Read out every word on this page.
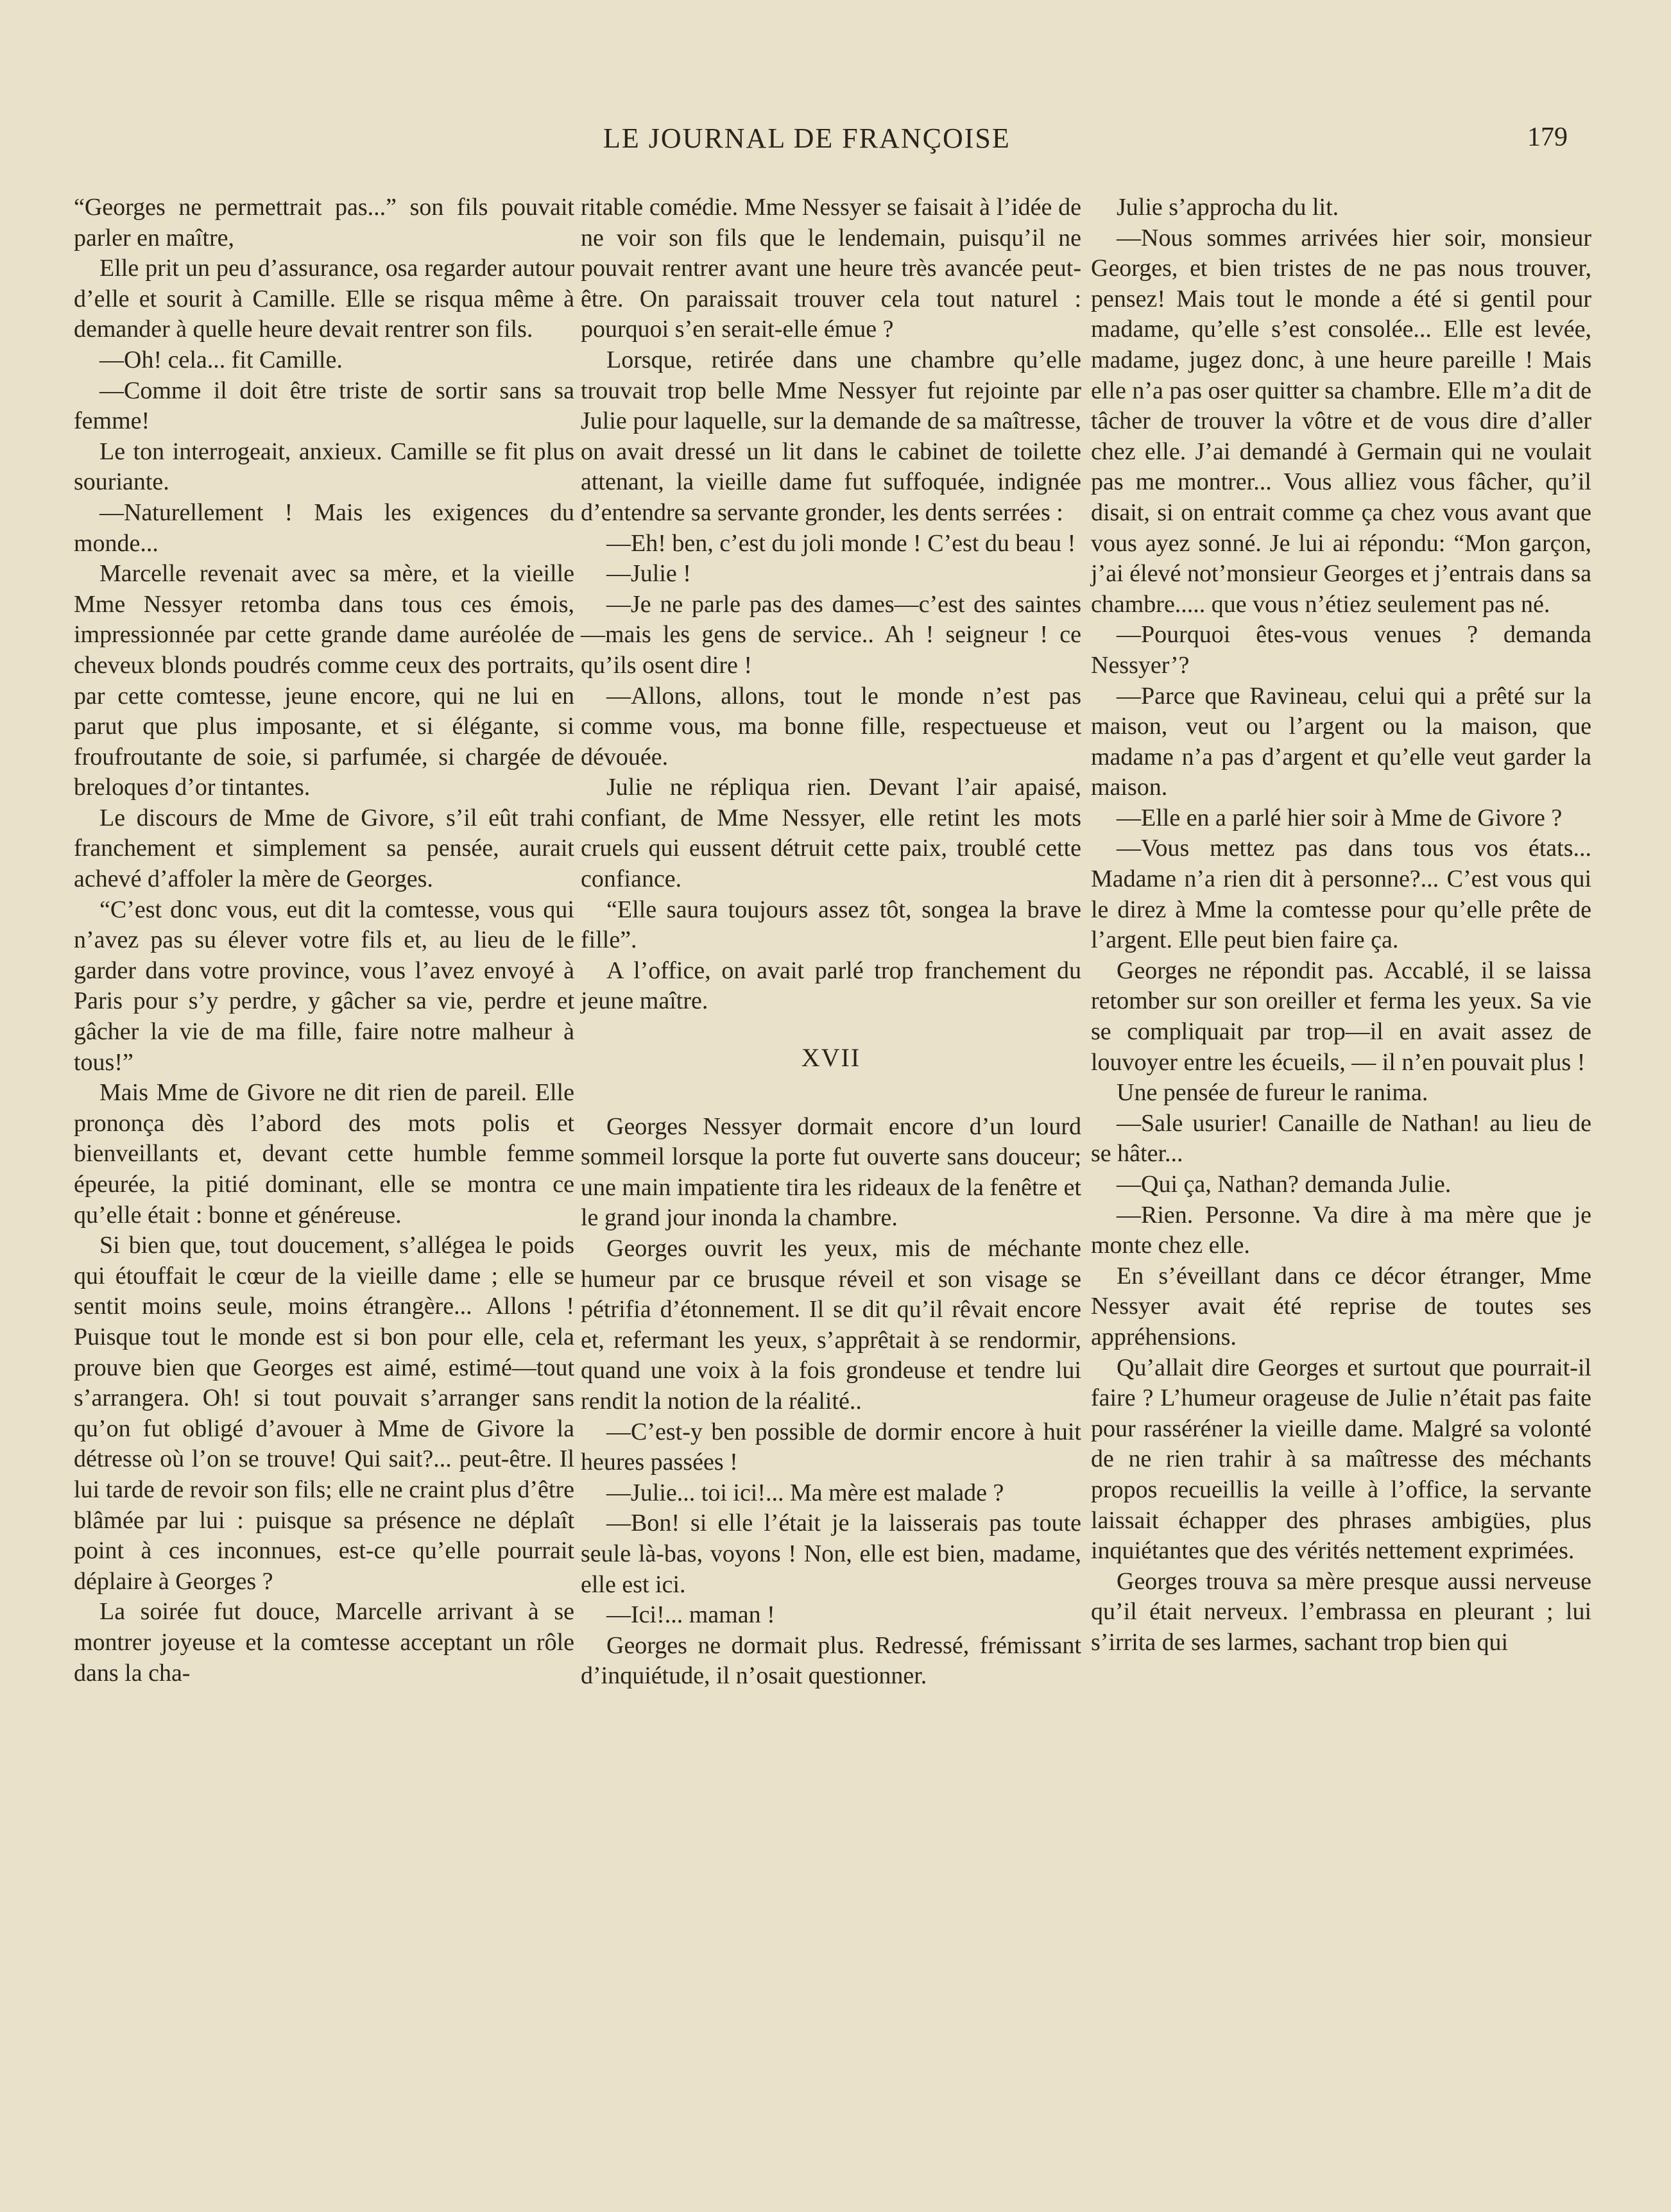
LE JOURNAL DE FRANÇOISE	179

“Georges ne permettrait pas...” son fils pouvait parler en maître,

Elle prit un peu d’assurance, osa regarder autour d’elle et sourit à Camille. Elle se risqua même à demander à quelle heure devait rentrer son fils.

—Oh! cela... fit Camille.

—Comme il doit être triste de sortir sans sa femme!

Le ton interrogeait, anxieux. Camille se fit plus souriante.

—Naturellement ! Mais les exigences du monde...

Marcelle revenait avec sa mère, et la vieille Mme Nessyer retomba dans tous ces émois, impressionnée par cette grande dame auréolée de cheveux blonds poudrés comme ceux des portraits, par cette comtesse, jeune encore, qui ne lui en parut que plus imposante, et si élégante, si froufroutante de soie, si parfumée, si chargée de breloques d’or tintantes.

Le discours de Mme de Givore, s’il eût trahi franchement et simplement sa pensée, aurait achevé d’affoler la mère de Georges.

“C’est donc vous, eut dit la comtesse, vous qui n’avez pas su élever votre fils et, au lieu de le garder dans votre province, vous l’avez envoyé à Paris pour s’y perdre, y gâcher sa vie, perdre et gâcher la vie de ma fille, faire notre malheur à tous!”

Mais Mme de Givore ne dit rien de pareil. Elle prononça dès l’abord des mots polis et bienveillants et, devant cette humble femme épeurée, la pitié dominant, elle se montra ce qu’elle était : bonne et généreuse.

Si bien que, tout doucement, s’allégea le poids qui étouffait le cœur de la vieille dame ; elle se sentit moins seule, moins étrangère... Allons ! Puisque tout le monde est si bon pour elle, cela prouve bien que Georges est aimé, estimé—tout s’arrangera. Oh! si tout pouvait s’arranger sans qu’on fut obligé d’avouer à Mme de Givore la détresse où l’on se trouve! Qui sait?... peut-être. Il lui tarde de revoir son fils; elle ne craint plus d’être blâmée par lui : puisque sa présence ne déplaît point à ces inconnues, est-ce qu’elle pourrait déplaire à Georges ?

La soirée fut douce, Marcelle arrivant à se montrer joyeuse et la comtesse acceptant un rôle dans la cha-

ritable comédie. Mme Nessyer se faisait à l’idée de ne voir son fils que le lendemain, puisqu’il ne pouvait rentrer avant une heure très avancée peut-être. On paraissait trouver cela tout naturel : pourquoi s’en serait-elle émue ?

Lorsque, retirée dans une chambre qu’elle trouvait trop belle Mme Nessyer fut rejointe par Julie pour laquelle, sur la demande de sa maîtresse, on avait dressé un lit dans le cabinet de toilette attenant, la vieille dame fut suffoquée, indignée d’entendre sa servante gronder, les dents serrées :

—Eh! ben, c’est du joli monde ! C’est du beau !

—Julie !

—Je ne parle pas des dames—c’est des saintes—mais les gens de service.. Ah ! seigneur ! ce qu’ils osent dire !

—Allons, allons, tout le monde n’est pas comme vous, ma bonne fille, respectueuse et dévouée.

Julie ne répliqua rien. Devant l’air apaisé, confiant, de Mme Nessyer, elle retint les mots cruels qui eussent détruit cette paix, troublé cette confiance.

“Elle saura toujours assez tôt, songea la brave fille”.

A l’office, on avait parlé trop franchement du jeune maître.

XVII

Georges Nessyer dormait encore d’un lourd sommeil lorsque la porte fut ouverte sans douceur; une main impatiente tira les rideaux de la fenêtre et le grand jour inonda la chambre.

Georges ouvrit les yeux, mis de méchante humeur par ce brusque réveil et son visage se pétrifia d’étonnement. Il se dit qu’il rêvait encore et, refermant les yeux, s’apprêtait à se rendormir, quand une voix à la fois grondeuse et tendre lui rendit la notion de la réalité..

—C’est-y ben possible de dormir encore à huit heures passées !

—Julie... toi ici!... Ma mère est malade ?

—Bon! si elle l’était je la laisserais pas toute seule là-bas, voyons ! Non, elle est bien, madame, elle est ici.

—Ici!... maman !

Georges ne dormait plus. Redressé, frémissant d’inquiétude, il n’osait questionner.

Julie s’approcha du lit.

—Nous sommes arrivées hier soir, monsieur Georges, et bien tristes de ne pas nous trouver, pensez! Mais tout le monde a été si gentil pour madame, qu’elle s’est consolée... Elle est levée, madame, jugez donc, à une heure pareille ! Mais elle n’a pas oser quitter sa chambre. Elle m’a dit de tâcher de trouver la vôtre et de vous dire d’aller chez elle. J’ai demandé à Germain qui ne voulait pas me montrer... Vous alliez vous fâcher, qu’il disait, si on entrait comme ça chez vous avant que vous ayez sonné. Je lui ai répondu: “Mon garçon, j’ai élevé not’monsieur Georges et j’entrais dans sa chambre..... que vous n’étiez seulement pas né.

—Pourquoi êtes-vous venues ? demanda Nessyer’?

—Parce que Ravineau, celui qui a prêté sur la maison, veut ou l’argent ou la maison, que madame n’a pas d’argent et qu’elle veut garder la maison.

—Elle en a parlé hier soir à Mme de Givore ?

—Vous mettez pas dans tous vos états... Madame n’a rien dit à personne?... C’est vous qui le direz à Mme la comtesse pour qu’elle prête de l’argent. Elle peut bien faire ça.

Georges ne répondit pas. Accablé, il se laissa retomber sur son oreiller et ferma les yeux. Sa vie se compliquait par trop—il en avait assez de louvoyer entre les écueils, — il n’en pouvait plus !

Une pensée de fureur le ranima.

—Sale usurier! Canaille de Nathan! au lieu de se hâter...

—Qui ça, Nathan? demanda Julie.

—Rien. Personne. Va dire à ma mère que je monte chez elle.

En s’éveillant dans ce décor étranger, Mme Nessyer avait été reprise de toutes ses appréhensions.

Qu’allait dire Georges et surtout que pourrait-il faire ? L’humeur orageuse de Julie n’était pas faite pour rasséréner la vieille dame. Malgré sa volonté de ne rien trahir à sa maîtresse des méchants propos recueillis la veille à l’office, la servante laissait échapper des phrases ambigües, plus inquiétantes que des vérités nettement exprimées.

Georges trouva sa mère presque aussi nerveuse qu’il était nerveux. l’embrassa en pleurant ; lui s’irrita de ses larmes, sachant trop bien qui
